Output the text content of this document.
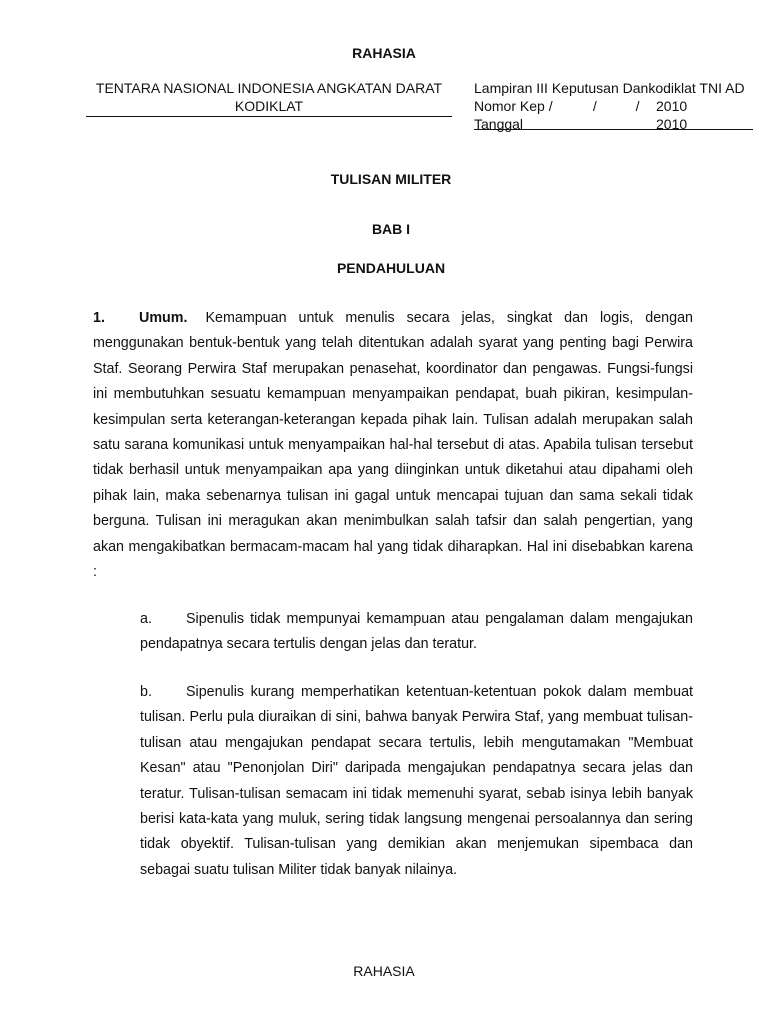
RAHASIA
TENTARA NASIONAL INDONESIA ANGKATAN DARAT
KODIKLAT
Lampiran III Keputusan Dankodiklat TNI AD
Nomor Kep / /          / 2010
Tanggal	2010
TULISAN MILITER
BAB I
PENDAHULUAN
1. Umum. Kemampuan untuk menulis secara jelas, singkat dan logis, dengan menggunakan bentuk-bentuk yang telah ditentukan adalah syarat yang penting bagi Perwira Staf. Seorang Perwira Staf merupakan penasehat, koordinator dan pengawas. Fungsi-fungsi ini membutuhkan sesuatu kemampuan menyampaikan pendapat, buah pikiran, kesimpulan-kesimpulan serta keterangan-keterangan kepada pihak lain. Tulisan adalah merupakan salah satu sarana komunikasi untuk menyampaikan hal-hal tersebut di atas. Apabila tulisan tersebut tidak berhasil untuk menyampaikan apa yang diinginkan untuk diketahui atau dipahami oleh pihak lain, maka sebenarnya tulisan ini gagal untuk mencapai tujuan dan sama sekali tidak berguna. Tulisan ini meragukan akan menimbulkan salah tafsir dan salah pengertian, yang akan mengakibatkan bermacam-macam hal yang tidak diharapkan. Hal ini disebabkan karena :
a. Sipenulis tidak mempunyai kemampuan atau pengalaman dalam mengajukan pendapatnya secara tertulis dengan jelas dan teratur.
b. Sipenulis kurang memperhatikan ketentuan-ketentuan pokok dalam membuat tulisan. Perlu pula diuraikan di sini, bahwa banyak Perwira Staf, yang membuat tulisan-tulisan atau mengajukan pendapat secara tertulis, lebih mengutamakan "Membuat Kesan" atau "Penonjolan Diri" daripada mengajukan pendapatnya secara jelas dan teratur. Tulisan-tulisan semacam ini tidak memenuhi syarat, sebab isinya lebih banyak berisi kata-kata yang muluk, sering tidak langsung mengenai persoalannya dan sering tidak obyektif. Tulisan-tulisan yang demikian akan menjemukan sipembaca dan sebagai suatu tulisan Militer tidak banyak nilainya.
RAHASIA
